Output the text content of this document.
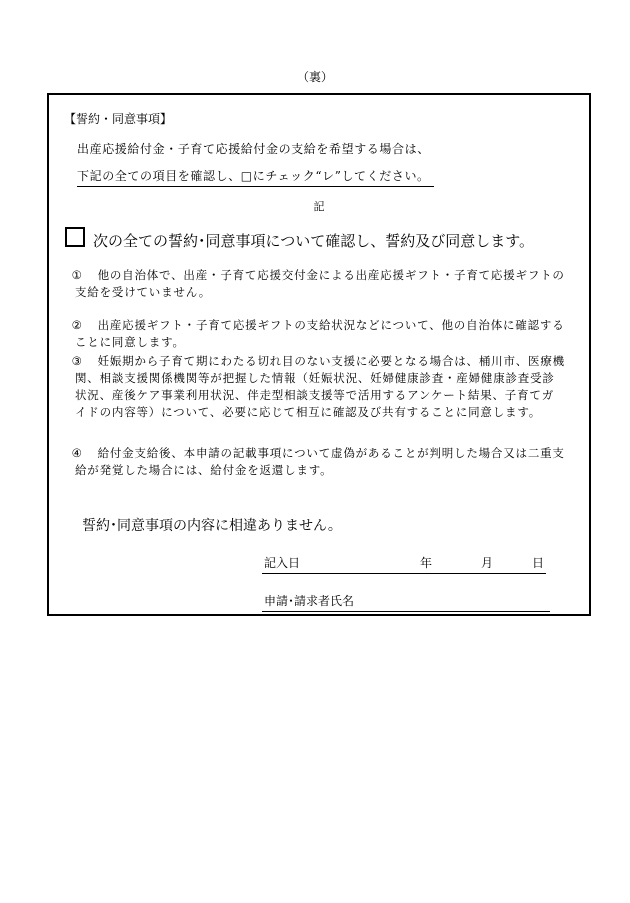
（裏）
【誓約・同意事項】
出産応援給付金・子育て応援給付金の支給を希望する場合は、
下記の全ての項目を確認し、□にチェック“レ”してください。
記
次の全ての誓約･同意事項について確認し、誓約及び同意します。
① 他の自治体で、出産・子育て応援交付金による出産応援ギフト・子育て応援ギフトの支給を受けていません。
② 出産応援ギフト・子育て応援ギフトの支給状況などについて、他の自治体に確認することに同意します。
③ 妊娠期から子育て期にわたる切れ目のない支援に必要となる場合は、桶川市、医療機関、相談支援関係機関等が把握した情報（妊娠状況、妊婦健康診査・産婦健康診査受診状況、産後ケア事業利用状況、伴走型相談支援等で活用するアンケート結果、子育てガイドの内容等）について、必要に応じて相互に確認及び共有することに同意します。
④ 給付金支給後、本申請の記載事項について虚偽があることが判明した場合又は二重支給が発覚した場合には、給付金を返還します。
誓約･同意事項の内容に相違ありません。
記入日	年	月	日
申請･請求者氏名
